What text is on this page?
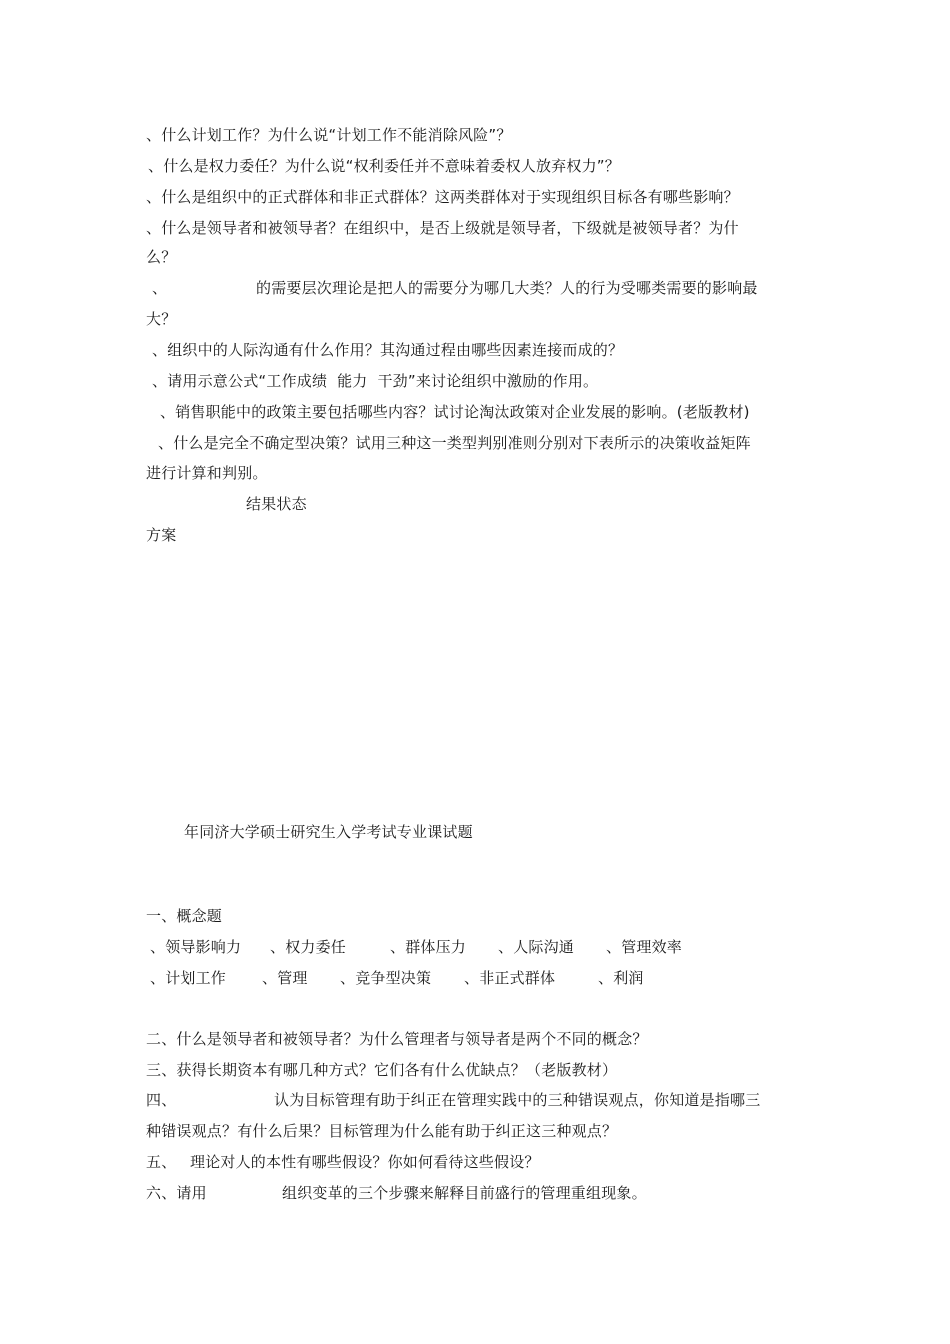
、什么计划工作？为什么说“计划工作不能消除风险”？
、什么是权力委任？为什么说“权利委任并不意味着委权人放弃权力”？
、什么是组织中的正式群体和非正式群体？这两类群体对于实现组织目标各有哪些影响？
、什么是领导者和被领导者？在组织中，是否上级就是领导者，下级就是被领导者？为什
么？
、	的需要层次理论是把人的需要分为哪几大类？人的行为受哪类需要的影响最
大？
、组织中的人际沟通有什么作用？其沟通过程由哪些因素连接而成的？
、请用示意公式“工作成绩  能力  干劲”来讨论组织中激励的作用。
、销售职能中的政策主要包括哪些内容？试讨论淘汰政策对企业发展的影响。(老版教材)
、什么是完全不确定型决策？试用三种这一类型判别准则分别对下表所示的决策收益矩阵
进行计算和判别。
结果状态
方案
年同济大学硕士研究生入学考试专业课试题
一、概念题
、领导影响力 、权力委任	、群体压力 、人际沟通 、管理效率
、计划工作 、管理 、竞争型决策 、非正式群体	、利润
二、什么是领导者和被领导者？为什么管理者与领导者是两个不同的概念？
三、获得长期资本有哪几种方式？它们各有什么优缺点？（老版教材）
四、	认为目标管理有助于纠正在管理实践中的三种错误观点，你知道是指哪三
种错误观点？有什么后果？目标管理为什么能有助于纠正这三种观点？
五、 理论对人的本性有哪些假设？你如何看待这些假设？
六、请用	组织变革的三个步骤来解释目前盛行的管理重组现象。
